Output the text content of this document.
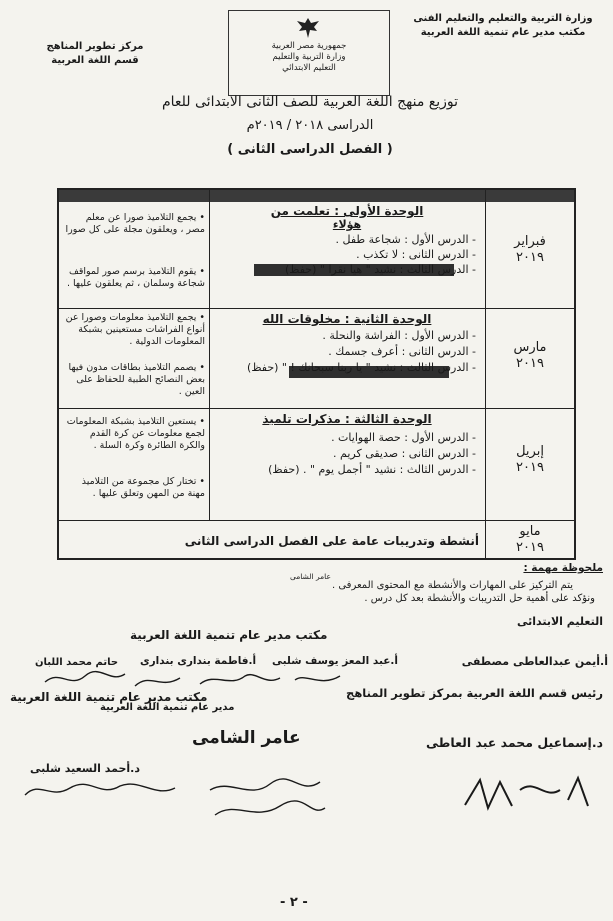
وزارة التربية والتعليم والتعليم الفنى
مكتب مدير عام تنمية اللغة العربية
مركز تطوير المناهج
قسم اللغة العربية
جمهورية مصر العربية
وزارة التربية والتعليم
التعليم الابتدائي
توزيع منهج اللغة العربية للصف الثانى الابتدائى للعام
الدراسى ٢٠١٨ / ٢٠١٩م
( الفصل الدراسى الثانى )
فبراير
٢٠١٩
الوحدة الأولى : تعلمت من
هؤلاء
- الدرس الأول : شجاعة طفل .
- الدرس الثانى : لا تكذب .
- الدرس الثالث : نشيد " هيا نقرا " (حفظ)
• يجمع التلاميذ صورا عن معلم مصر ، ويعلقون مجلة على كل صورا
• يقوم التلاميذ برسم صور لمواقف شجاعة وسلمان ، ثم يعلقون عليها .
مارس
٢٠١٩
الوحدة الثانية : مخلوقات الله
- الدرس الأول : الفراشة والنحلة .
- الدرس الثانى : أعرف جسمك .
- الدرس الثالث : نشيد " يا ربنا سبحانك ! " (حفظ)
• يجمع التلاميذ معلومات وصورا عن أنواع الفراشات مستعينين بشبكة المعلومات الدولية .
• يصمم التلاميذ بطاقات مدون فيها بعض النصائح الطبية للحفاظ على العين .
إبريل
٢٠١٩
الوحدة الثالثة : مذكرات تلميذ
- الدرس الأول : حصة الهوايات .
- الدرس الثانى : صديقى كريم .
- الدرس الثالث : نشيد " أجمل يوم " . (حفظ)
• يستعين التلاميذ بشبكة المعلومات لجمع معلومات عن كرة القدم والكرة الطائرة وكرة السلة .
• تختار كل مجموعة من التلاميذ مهنة من المهن وتعلق عليها .
مايو
٢٠١٩
أنشطة وتدريبات عامة على الفصل الدراسى الثانى
ملحوظة مهمة :
عامر الشامى
يتم التركيز على المهارات والأنشطة مع المحتوى المعرفى .
ونؤكد على أهمية حل التدريبات والأنشطة بعد كل درس .
التعليم الابتدائى
مكتب مدير عام تنمية اللغة العربية
أ.أيمن عبدالعاطى مصطفى
أ.عبد المعز يوسف شلبى
أ.فاطمة بندارى بندارى
حاتم محمد اللبان
رئيس قسم اللغة العربية بمركز تطوير المناهج
مدير عام تنمية اللغة العربية
مكتب مدير عام تنمية اللغة العربية
عامر الشامى	د.إسماعيل محمد عبد العاطى
د.أحمد السعيد شلبى
- ٢ -
